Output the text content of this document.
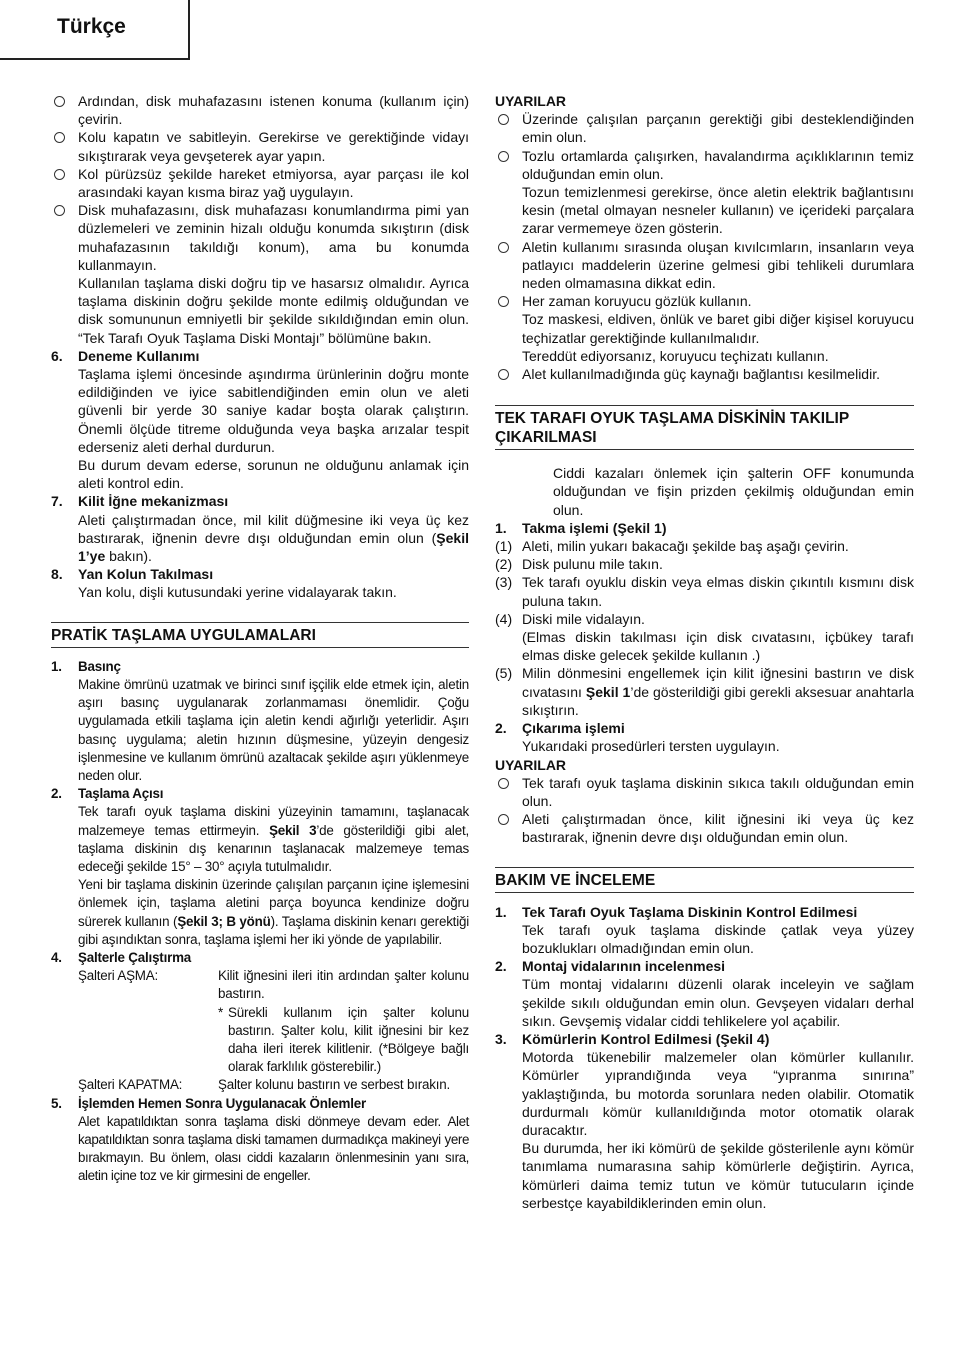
Türkçe

Ardından, disk muhafazasını istenen konuma (kullanım için) çevirin.

Kolu kapatın ve sabitleyin. Gerekirse ve gerektiğinde vidayı sıkıştırarak veya gevşeterek ayar yapın.

Kol pürüzsüz şekilde hareket etmiyorsa, ayar parçası ile kol arasındaki kayan kısma biraz yağ uygulayın.

Disk muhafazasını, disk muhafazası konumlandırma pimi yan düzlemeleri ve zeminin hizalı olduğu konumda sıkıştırın (disk muhafazasının takıldığı konum), ama bu konumda kullanmayın.

Kullanılan taşlama diski doğru tip ve hasarsız olmalıdır. Ayrıca taşlama diskinin doğru şekilde monte edilmiş olduğundan ve disk somununun emniyetli bir şekilde sıkıldığından emin olun. “Tek Tarafı Oyuk Taşlama Diski Montajı” bölümüne bakın.

6. Deneme Kullanımı

Taşlama işlemi öncesinde aşındırma ürünlerinin doğru monte edildiğinden ve iyice sabitlendiğinden emin olun ve aleti güvenli bir yerde 30 saniye kadar boşta olarak çalıştırın. Önemli ölçüde titreme olduğunda veya başka arızalar tespit ederseniz aleti derhal durdurun.

Bu durum devam ederse, sorunun ne olduğunu anlamak için aleti kontrol edin.

7. Kilit İğne mekanizması

Aleti çalıştırmadan önce, mil kilit düğmesine iki veya üç kez bastırarak, iğnenin devre dışı olduğundan emin olun (Şekil 1’ye bakın).

8. Yan Kolun Takılması

Yan kolu, dişli kutusundaki yerine vidalayarak takın.

PRATİK TAŞLAMA UYGULAMALARI

1. Basınç

Makine ömrünü uzatmak ve birinci sınıf işçilik elde etmek için, aletin aşırı basınç uygulanarak zorlanmaması önemlidir. Çoğu uygulamada etkili taşlama için aletin kendi ağırlığı yeterlidir. Aşırı basınç uygulama; aletin hızının düşmesine, yüzeyin dengesiz işlenmesine ve kullanım ömrünü azaltacak şekilde aşırı yüklenmeye neden olur.

2. Taşlama Açısı

Tek tarafı oyuk taşlama diskini yüzeyinin tamamını, taşlanacak malzemeye temas ettirmeyin. Şekil 3’de gösterildiği gibi alet, taşlama diskinin dış kenarının taşlanacak malzemeye temas edeceği şekilde 15° – 30° açıyla tutulmalıdır.

Yeni bir taşlama diskinin üzerinde çalışılan parçanın içine işlemesini önlemek için, taşlama aletini parça boyunca kendinize doğru sürerek kullanın (Şekil 3; B yönü). Taşlama diskinin kenarı gerektiği gibi aşındıktan sonra, taşlama işlemi her iki yönde de yapılabilir.

4. Şalterle Çalıştırma

Şalteri AŞMA:	Kilit iğnesini ileri itin ardından şalter kolunu bastırın.
* Sürekli kullanım için şalter kolunu bastırın. Şalter kolu, kilit iğnesini bir kez daha ileri iterek kilitlenir. (*Bölgeye bağlı olarak farklılık gösterebilir.)
Şalteri KAPATMA:	Şalter kolunu bastırın ve serbest bırakın.

5. İşlemden Hemen Sonra Uygulanacak Önlemler

Alet kapatıldıktan sonra taşlama diski dönmeye devam eder. Alet kapatıldıktan sonra taşlama diski tamamen durmadıkça makineyi yere bırakmayın. Bu önlem, olası ciddi kazaların önlenmesinin yanı sıra, aletin içine toz ve kir girmesini de engeller.

UYARILAR

Üzerinde çalışılan parçanın gerektiği gibi desteklendiğinden emin olun.

Tozlu ortamlarda çalışırken, havalandırma açıklıklarının temiz olduğundan emin olun.

Tozun temizlenmesi gerekirse, önce aletin elektrik bağlantısını kesin (metal olmayan nesneler kullanın) ve içerideki parçalara zarar vermemeye özen gösterin.

Aletin kullanımı sırasında oluşan kıvılcımların, insanların veya patlayıcı maddelerin üzerine gelmesi gibi tehlikeli durumlara neden olmamasına dikkat edin.

Her zaman koruyucu gözlük kullanın.

Toz maskesi, eldiven, önlük ve baret gibi diğer kişisel koruyucu teçhizatlar gerektiğinde kullanılmalıdır.

Tereddüt ediyorsanız, koruyucu teçhizatı kullanın.

Alet kullanılmadığında güç kaynağı bağlantısı kesilmelidir.

TEK TARAFI OYUK TAŞLAMA DİSKİNİN TAKILIP ÇIKARILMASI

Ciddi kazaları önlemek için şalterin OFF konumunda olduğundan ve fişin prizden çekilmiş olduğundan emin olun.

1. Takma işlemi (Şekil 1)

(1) Aleti, milin yukarı bakacağı şekilde baş aşağı çevirin.

(2) Disk pulunu mile takın.

(3) Tek tarafı oyuklu diskin veya elmas diskin çıkıntılı kısmını disk puluna takın.

(4) Diski mile vidalayın.

(Elmas diskin takılması için disk cıvatasını, içbükey tarafı elmas diske gelecek şekilde kullanın .)

(5) Milin dönmesini engellemek için kilit iğnesini bastırın ve disk cıvatasını Şekil 1’de gösterildiği gibi gerekli aksesuar anahtarla sıkıştırın.

2. Çıkarıma işlemi

Yukarıdaki prosedürleri tersten uygulayın.

UYARILAR

Tek tarafı oyuk taşlama diskinin sıkıca takılı olduğundan emin olun.

Aleti çalıştırmadan önce, kilit iğnesini iki veya üç kez bastırarak, iğnenin devre dışı olduğundan emin olun.

BAKIM VE İNCELEME

1. Tek Tarafı Oyuk Taşlama Diskinin Kontrol Edilmesi

Tek tarafı oyuk taşlama diskinde çatlak veya yüzey bozuklukları olmadığından emin olun.

2. Montaj vidalarının incelenmesi

Tüm montaj vidalarını düzenli olarak inceleyin ve sağlam şekilde sıkılı olduğundan emin olun. Gevşeyen vidaları derhal sıkın. Gevşemiş vidalar ciddi tehlikelere yol açabilir.

3. Kömürlerin Kontrol Edilmesi (Şekil 4)

Motorda tükenebilir malzemeler olan kömürler kullanılır. Kömürler yıprandığında veya “yıpranma sınırına” yaklaştığında, bu motorda sorunlara neden olabilir. Otomatik durdurmalı kömür kullanıldığında motor otomatik olarak duracaktır.

Bu durumda, her iki kömürü de şekilde gösterilenle aynı kömür tanımlama numarasına sahip kömürlerle değiştirin. Ayrıca, kömürleri daima temiz tutun ve kömür tutucuların içinde serbestçe kayabildiklerinden emin olun.
